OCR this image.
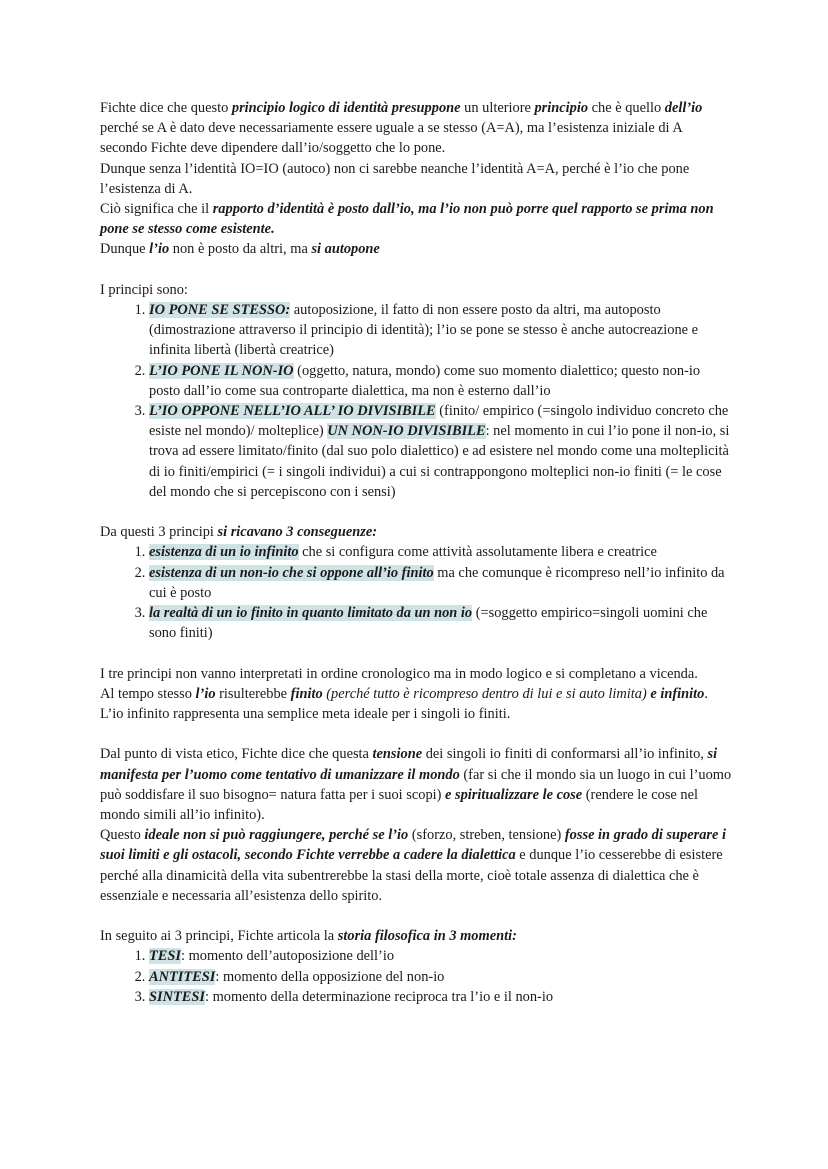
Fichte dice che questo principio logico di identità presuppone un ulteriore principio che è quello dell’io perché se A è dato deve necessariamente essere uguale a se stesso (A=A), ma l’esistenza iniziale di A secondo Fichte deve dipendere dall’io/soggetto che lo pone.

Dunque senza l’identità IO=IO (autoco) non ci sarebbe neanche l’identità A=A, perché è l’io che pone l’esistenza di A.

Ciò significa che il rapporto d’identità è posto dall’io, ma l’io non può porre quel rapporto se prima non pone se stesso come esistente.

Dunque l’io non è posto da altri, ma si autopone

I principi sono:

1. IO PONE SE STESSO: autoposizione, il fatto di non essere posto da altri, ma autoposto (dimostrazione attraverso il principio di identità); l’io se pone se stesso è anche autocreazione e infinita libertà (libertà creatrice)
2. L’IO PONE IL NON-IO (oggetto, natura, mondo) come suo momento dialettico; questo non-io posto dall’io come sua controparte dialettica, ma non è esterno dall’io
3. L’IO OPPONE NELL’IO ALL’ IO DIVISIBILE (finito/ empirico (=singolo individuo concreto che esiste nel mondo)/ molteplice) UN NON-IO DIVISIBILE: nel momento in cui l’io pone il non-io, si trova ad essere limitato/finito (dal suo polo dialettico) e ad esistere nel mondo come una molteplicità di io finiti/empirici (= i singoli individui) a cui si contrappongono molteplici non-io finiti (= le cose del mondo che si percepiscono con i sensi)

Da questi 3 principi si ricavano 3 conseguenze:

1. esistenza di un io infinito che si configura come attività assolutamente libera e creatrice
2. esistenza di un non-io che si oppone all’io finito ma che comunque è ricompreso nell’io infinito da cui è posto
3. la realtà di un io finito in quanto limitato da un non io (=soggetto empirico=singoli uomini che sono finiti)

I tre principi non vanno interpretati in ordine cronologico ma in modo logico e si completano a vicenda.

Al tempo stesso l’io risulterebbe finito (perché tutto è ricompreso dentro di lui e si auto limita) e infinito.

L’io infinito rappresenta una semplice meta ideale per i singoli io finiti.

Dal punto di vista etico, Fichte dice che questa tensione dei singoli io finiti di conformarsi all’io infinito, si manifesta per l’uomo come tentativo di umanizzare il mondo (far si che il mondo sia un luogo in cui l’uomo può soddisfare il suo bisogno= natura fatta per i suoi scopi) e spiritualizzare le cose (rendere le cose nel mondo simili all’io infinito).

Questo ideale non si può raggiungere, perché se l’io (sforzo, streben, tensione) fosse in grado di superare i suoi limiti e gli ostacoli, secondo Fichte verrebbe a cadere la dialettica e dunque l’io cesserebbe di esistere perché alla dinamicità della vita subentrerebbe la stasi della morte, cioè totale assenza di dialettica che è essenziale e necessaria all’esistenza dello spirito.

In seguito ai 3 principi, Fichte articola la storia filosofica in 3 momenti:

1. TESI: momento dell’autoposizione dell’io
2. ANTITESI: momento della opposizione del non-io
3. SINTESI: momento della determinazione reciproca tra l’io e il non-io
